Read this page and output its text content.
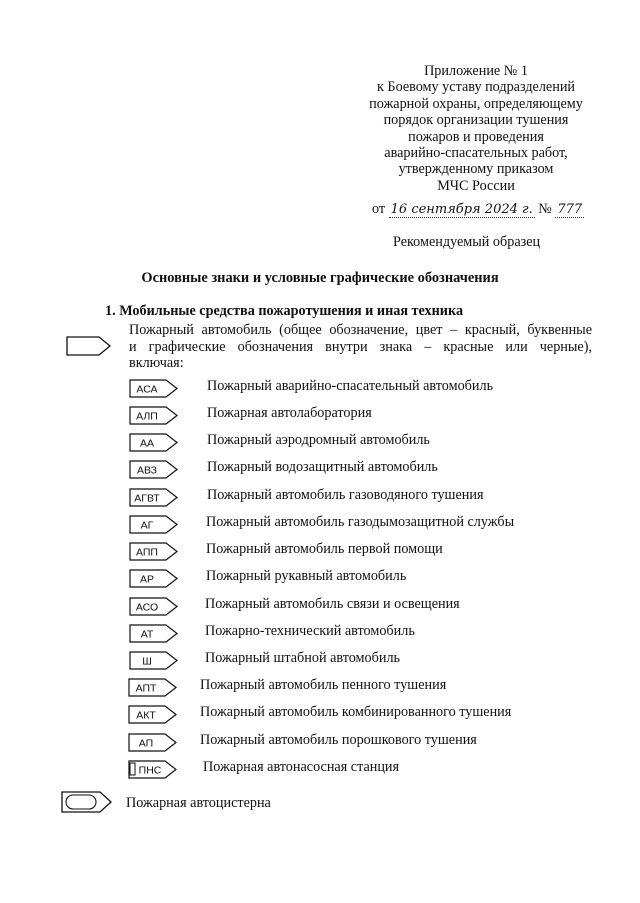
Приложение № 1
к Боевому уставу подразделений
пожарной охраны, определяющему
порядок организации тушения
пожаров и проведения
аварийно-спасательных работ,
утвержденному приказом
МЧС России
от 16 сентября 2024 г. № 777
Рекомендуемый образец
Основные знаки и условные графические обозначения
1. Мобильные средства пожаротушения и иная техника
Пожарный автомобиль (общее обозначение, цвет – красный, буквенные
и графические обозначения внутри знака – красные или черные),
включая:
АСА	Пожарный аварийно-спасательный автомобиль
АЛП	Пожарная автолаборатория
АА	Пожарный аэродромный автомобиль
АВЗ	Пожарный водозащитный автомобиль
АГВТ	Пожарный автомобиль газоводяного тушения
АГ	Пожарный автомобиль газодымозащитной службы
АПП	Пожарный автомобиль первой помощи
АР	Пожарный рукавный автомобиль
АСО	Пожарный автомобиль связи и освещения
АТ	Пожарно-технический автомобиль
Ш	Пожарный штабной автомобиль
АПТ	Пожарный автомобиль пенного тушения
АКТ	Пожарный автомобиль комбинированного тушения
АП	Пожарный автомобиль порошкового тушения
ПНС	Пожарная автонасосная станция
Пожарная автоцистерна
